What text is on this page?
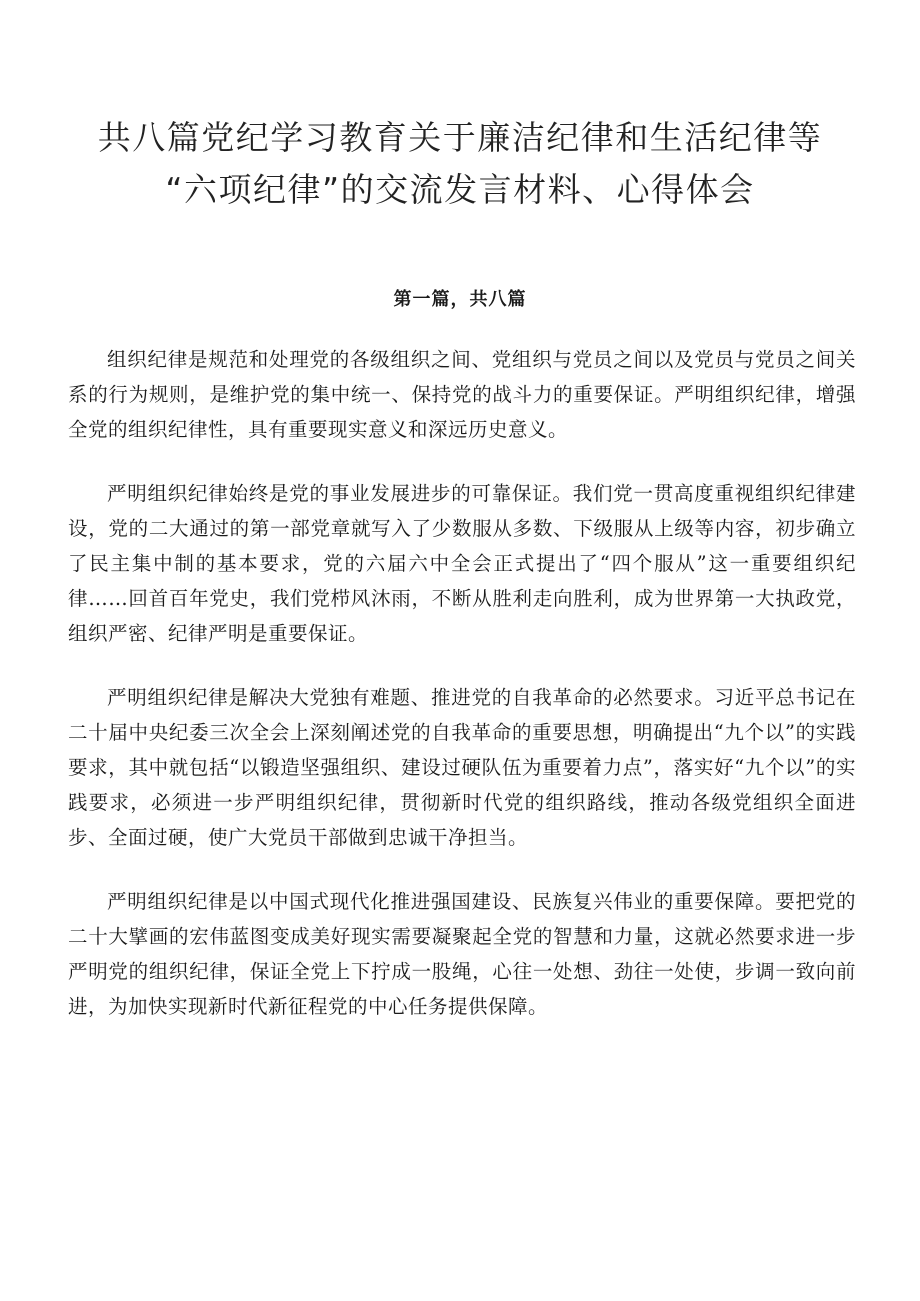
共八篇党纪学习教育关于廉洁纪律和生活纪律等
“六项纪律”的交流发言材料、心得体会
第一篇，共八篇

组织纪律是规范和处理党的各级组织之间、党组织与党员之间以及党员与党员之间关系的行为规则，是维护党的集中统一、保持党的战斗力的重要保证。严明组织纪律，增强全党的组织纪律性，具有重要现实意义和深远历史意义。

严明组织纪律始终是党的事业发展进步的可靠保证。我们党一贯高度重视组织纪律建设，党的二大通过的第一部党章就写入了少数服从多数、下级服从上级等内容，初步确立了民主集中制的基本要求，党的六届六中全会正式提出了“四个服从”这一重要组织纪律……回首百年党史，我们党栉风沐雨，不断从胜利走向胜利，成为世界第一大执政党，组织严密、纪律严明是重要保证。

严明组织纪律是解决大党独有难题、推进党的自我革命的必然要求。习近平总书记在二十届中央纪委三次全会上深刻阐述党的自我革命的重要思想，明确提出“九个以”的实践要求，其中就包括“以锻造坚强组织、建设过硬队伍为重要着力点”，落实好“九个以”的实践要求，必须进一步严明组织纪律，贯彻新时代党的组织路线，推动各级党组织全面进步、全面过硬，使广大党员干部做到忠诚干净担当。

严明组织纪律是以中国式现代化推进强国建设、民族复兴伟业的重要保障。要把党的二十大擘画的宏伟蓝图变成美好现实需要凝聚起全党的智慧和力量，这就必然要求进一步严明党的组织纪律，保证全党上下拧成一股绳，心往一处想、劲往一处使，步调一致向前进，为加快实现新时代新征程党的中心任务提供保障。
